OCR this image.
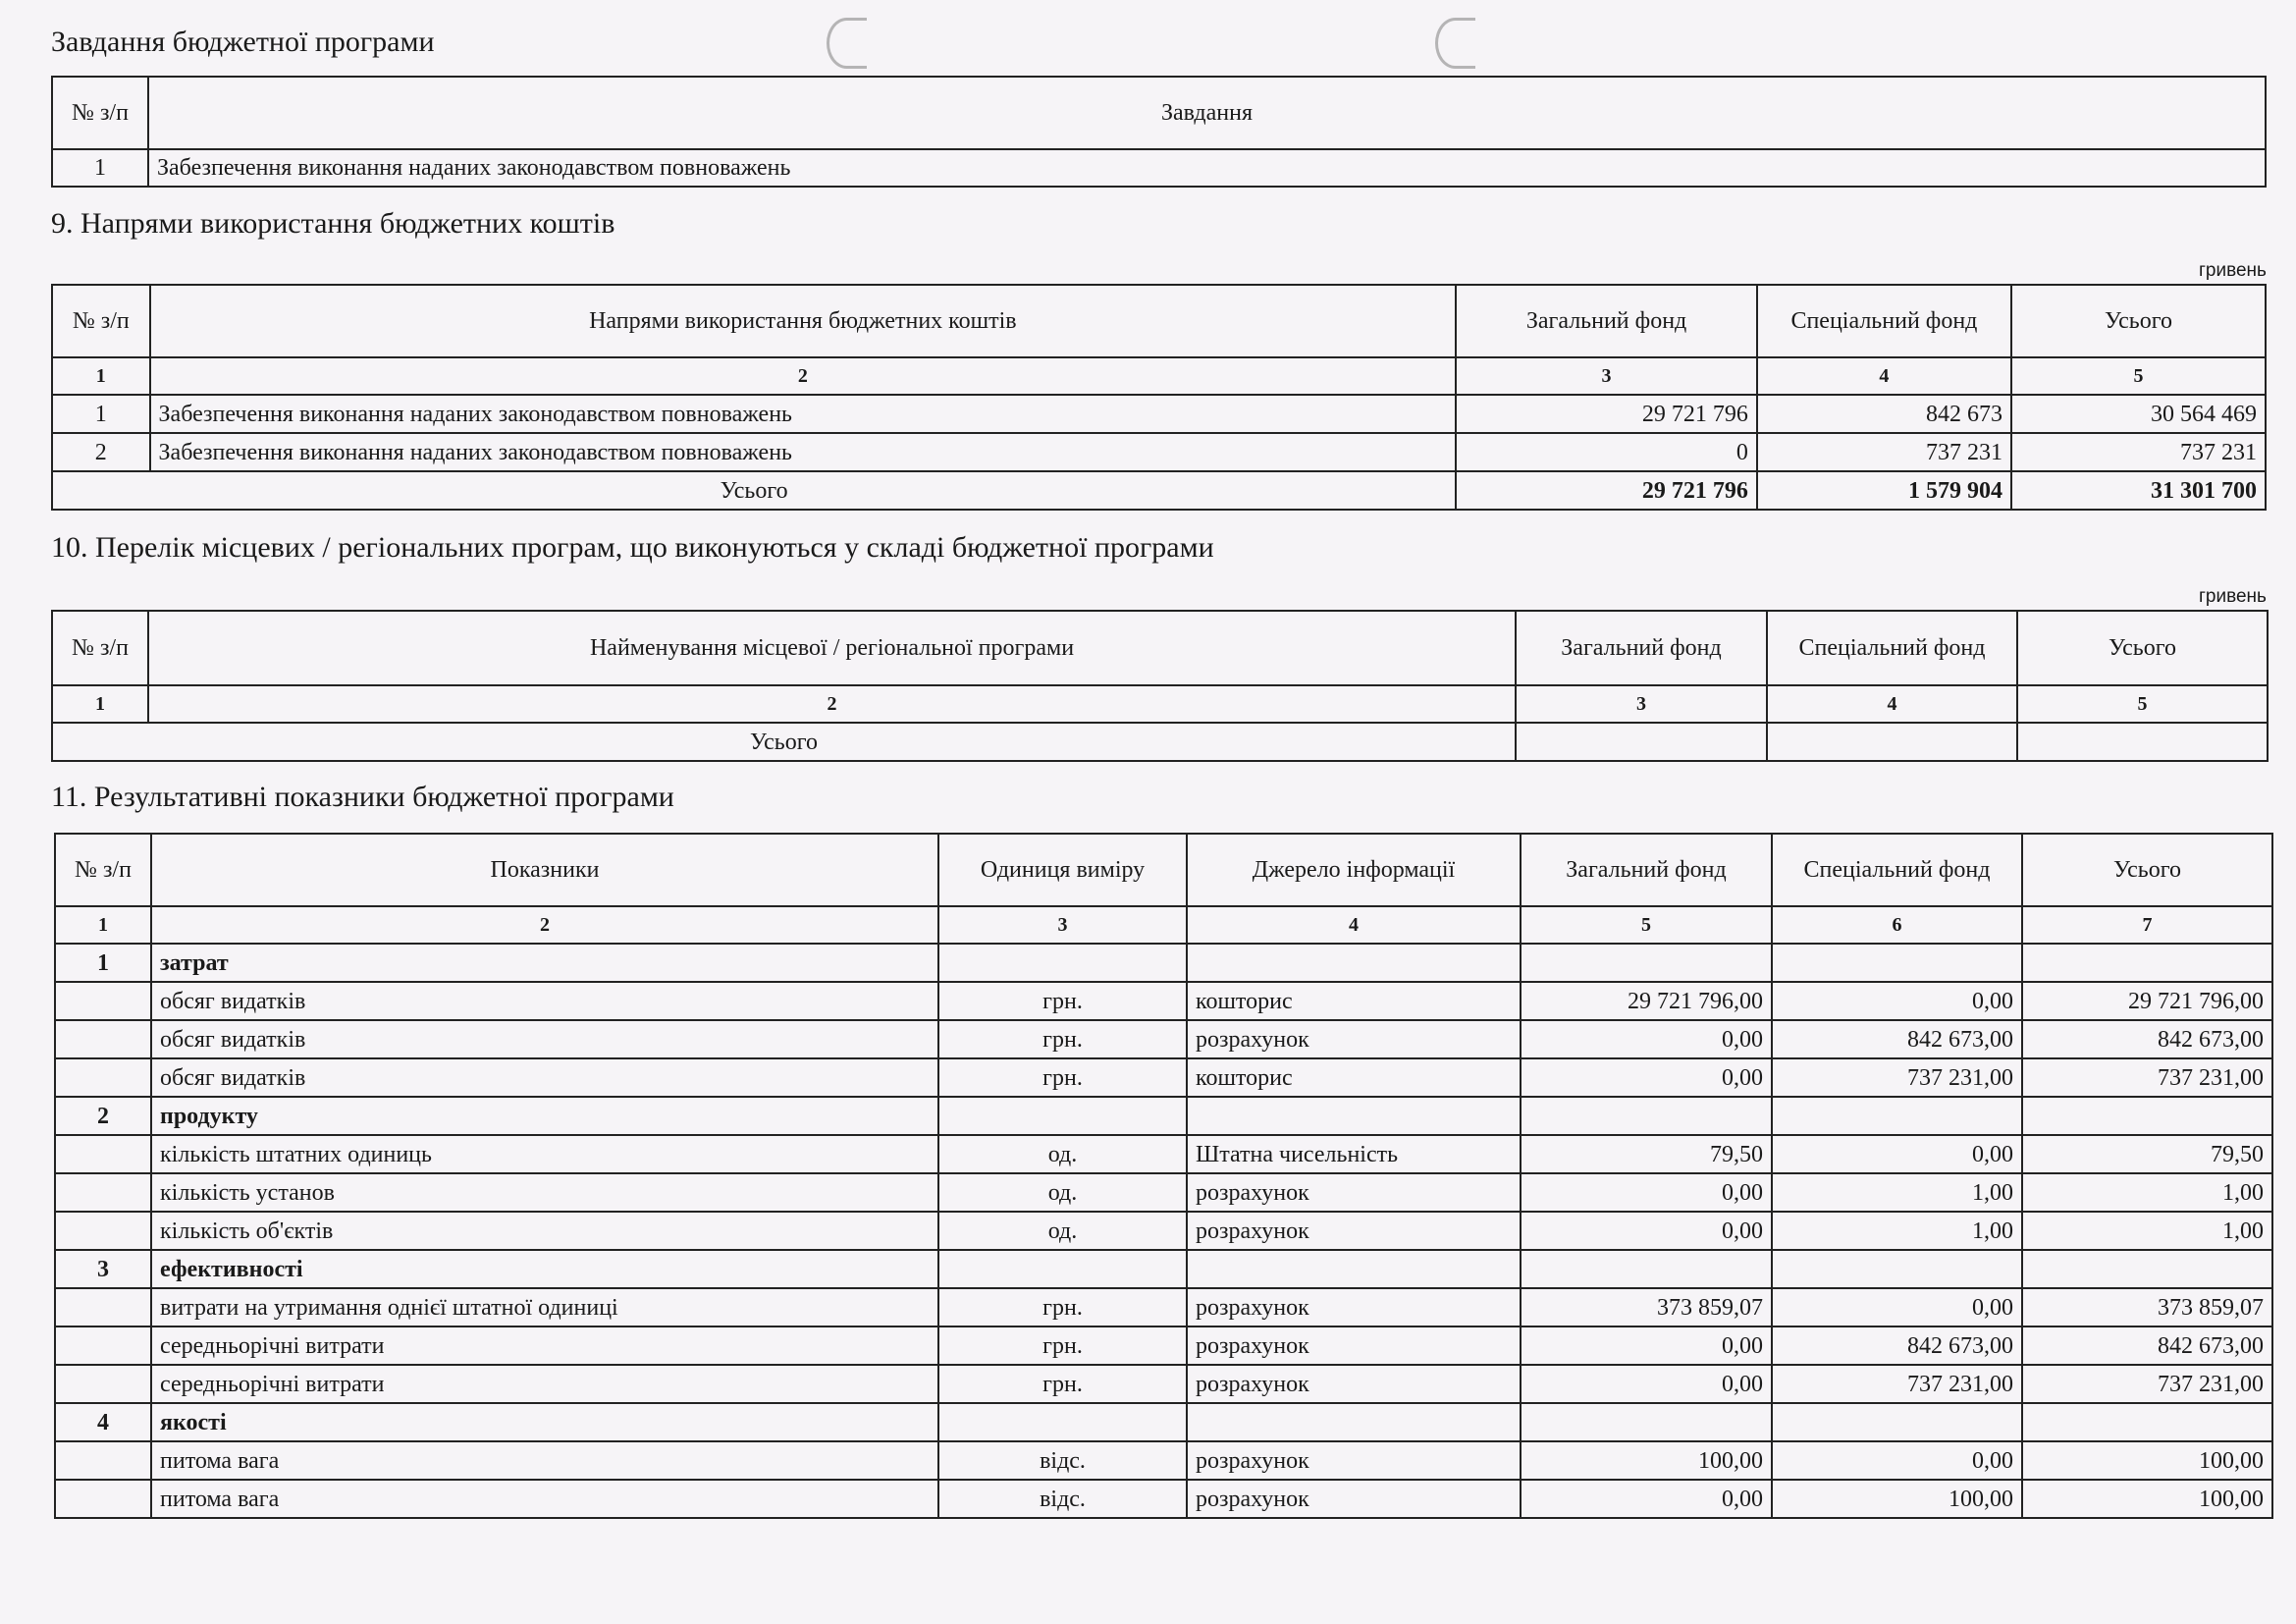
Завдання бюджетної програми
№ з/п	Завдання
1	Забезпечення виконання наданих законодавством повноважень
9. Напрями використання бюджетних коштів
гривень
№ з/п	Напрями використання бюджетних коштів	Загальний фонд	Спеціальний фонд	Усього
1	2	3	4	5
1	Забезпечення виконання наданих законодавством повноважень	29 721 796	842 673	30 564 469
2	Забезпечення виконання наданих законодавством повноважень	0	737 231	737 231
Усього		29 721 796	1 579 904	31 301 700
10. Перелік місцевих / регіональних програм, що виконуються у складі бюджетної програми
гривень
№ з/п	Найменування місцевої / регіональної програми	Загальний фонд	Спеціальний фонд	Усього
1	2	3	4	5
Усього				
11. Результативні показники бюджетної програми
№ з/п	Показники	Одиниця виміру	Джерело інформації	Загальний фонд	Спеціальний фонд	Усього
1	2	3	4	5	6	7
1	затрат					
	обсяг видатків	грн.	кошторис	29 721 796,00	0,00	29 721 796,00
	обсяг видатків	грн.	розрахунок	0,00	842 673,00	842 673,00
	обсяг видатків	грн.	кошторис	0,00	737 231,00	737 231,00
2	продукту					
	кількість штатних одиниць	од.	Штатна чисельність	79,50	0,00	79,50
	кількість установ	од.	розрахунок	0,00	1,00	1,00
	кількість об'єктів	од.	розрахунок	0,00	1,00	1,00
3	ефективності					
	витрати на утримання однієї штатної одиниці	грн.	розрахунок	373 859,07	0,00	373 859,07
	середньорічні витрати	грн.	розрахунок	0,00	842 673,00	842 673,00
	середньорічні витрати	грн.	розрахунок	0,00	737 231,00	737 231,00
4	якості					
	питома вага	відс.	розрахунок	100,00	0,00	100,00
	питома вага	відс.	розрахунок	0,00	100,00	100,00
